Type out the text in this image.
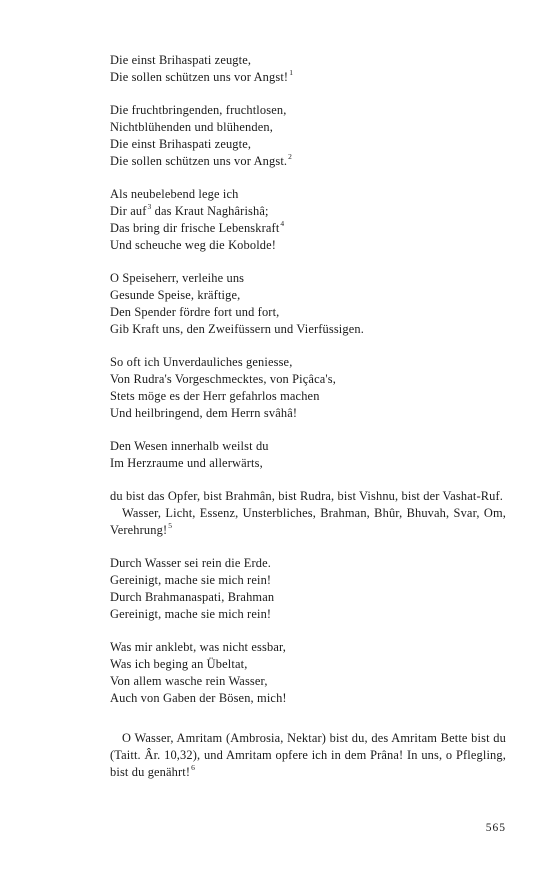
Die einst Brihaspati zeugte,
Die sollen schützen uns vor Angst!$^1$
Die fruchtbringenden, fruchtlosen,
Nichtblühenden und blühenden,
Die einst Brihaspati zeugte,
Die sollen schützen uns vor Angst.$^2$
Als neubelebend lege ich
Dir auf$^3$ das Kraut Naghârishâ;
Das bring dir frische Lebenskraft$^4$
Und scheuche weg die Kobolde!
O Speiseherr, verleihe uns
Gesunde Speise, kräftige,
Den Spender fördre fort und fort,
Gib Kraft uns, den Zweifüssern und Vierfüssigen.
So oft ich Unverdauliches geniesse,
Von Rudra's Vorgeschmecktes, von Piçâca's,
Stets möge es der Herr gefahrlos machen
Und heilbringend, dem Herrn svâhâ!
Den Wesen innerhalb weilst du
Im Herzraume und allerwärts,

du bist das Opfer, bist Brahmân, bist Rudra, bist Vishnu, bist der Vashat-Ruf.

Wasser, Licht, Essenz, Unsterbliches, Brahman, Bhûr, Bhuvah, Svar, Om, Verehrung!$^5$

Durch Wasser sei rein die Erde.
Gereinigt, mache sie mich rein!
Durch Brahmanaspati, Brahman
Gereinigt, mache sie mich rein!
Was mir anklebt, was nicht essbar,
Was ich beging an Übeltat,
Von allem wasche rein Wasser,
Auch von Gaben der Bösen, mich!

O Wasser, Amritam (Ambrosia, Nektar) bist du, des Amritam Bette bist du (Taitt. Âr. 10,32), und Amritam opfere ich in dem Prâna! In uns, o Pflegling, bist du genährt!$^6$

565
